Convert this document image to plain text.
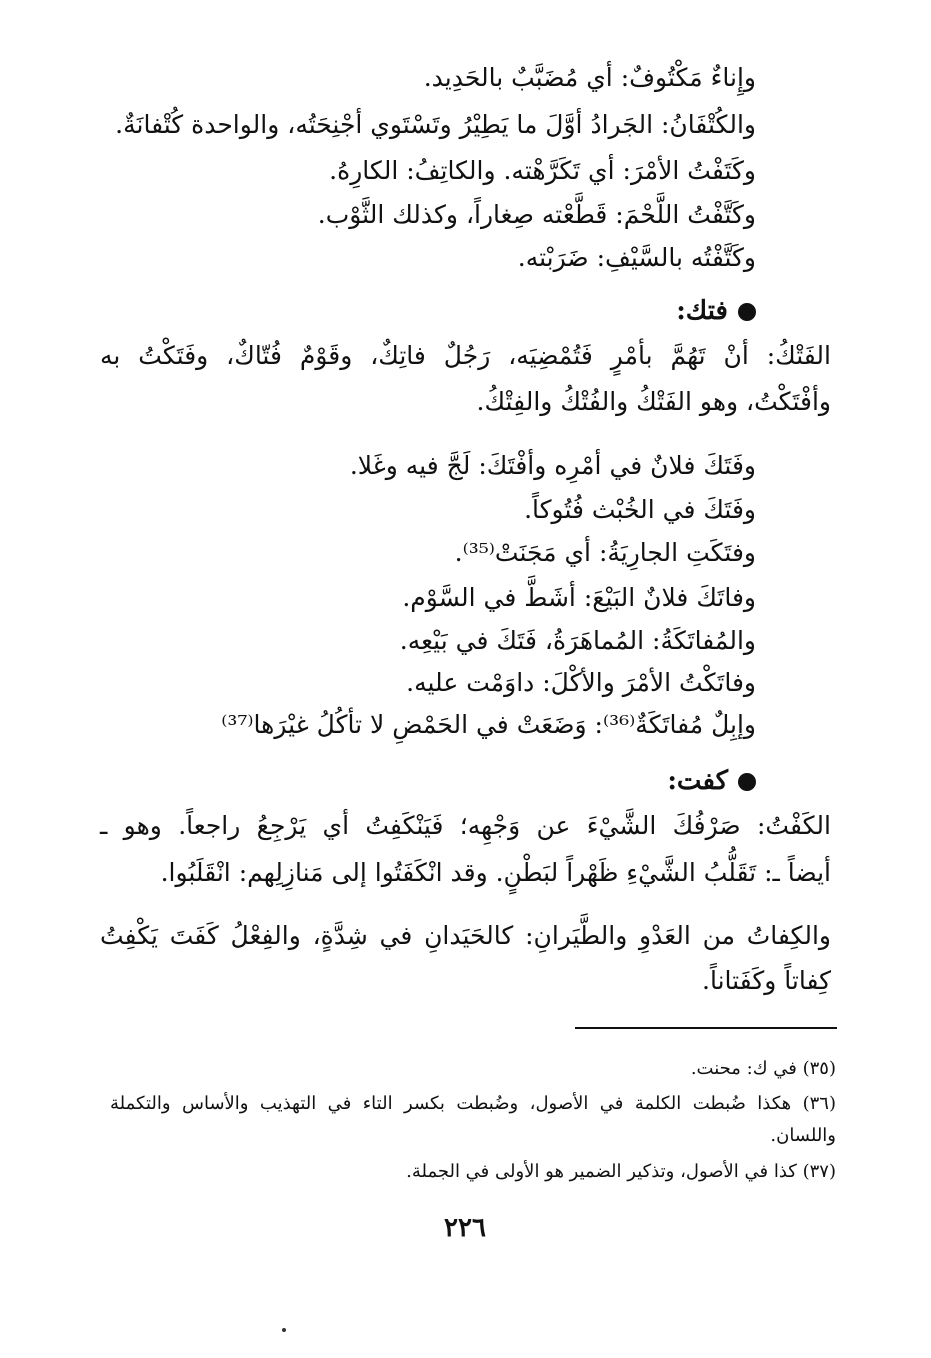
وإِناءٌ مَكْتُوفٌ: أي مُضَبَّبٌ بالحَدِيد.
والكُتْفَانُ: الجَرادُ أوَّلَ ما يَطِيْرُ وتَسْتَوي أجْنِحَتُه، والواحدة كُتْفانَةٌ.
وكَتَفْتُ الأمْرَ: أي تَكَرَّهْته. والكاتِفُ: الكارِهُ.
وكَتَّفْتُ اللَّحْمَ: قَطَّعْته صِغاراً، وكذلك الثَّوْب.
وكَتَّفْتُه بالسَّيْفِ: ضَرَبْته.
فتك:
الفَتْكُ: أنْ تَهُمَّ بأمْرٍ فَتُمْضِيَه، رَجُلٌ فاتِكٌ، وقَوْمٌ فُتّاكٌ، وفَتَكْتُ به
وأفْتَكْتُ، وهو الفَتْكُ والفُتْكُ والفِتْكُ.
وفَتَكَ فلانٌ في أمْرِه وأفْتَكَ: لَجَّ فيه وغَلا.
وفَتَكَ في الخُبْث فُتُوكاً.
وفتَكَتِ الجارِيَةُ: أي مَجَنَتْ⁽³⁵⁾.
وفاتَكَ فلانٌ البَيْعَ: أشَطَّ في السَّوْم.
والمُفاتَكَةُ: المُماهَرَةُ، فَتَكَ في بَيْعِه.
وفاتَكْتُ الأمْرَ والأكْلَ: داوَمْت عليه.
وإبِلٌ مُفاتَكَةٌ⁽³⁶⁾: وَضَعَتْ في الحَمْضِ لا تأكُلُ غيْرَها⁽³⁷⁾
كفت:
الكَفْتُ: صَرْفُكَ الشَّيْءَ عن وَجْهِه؛ فَيَنْكَفِتُ أي يَرْجِعُ راجعاً. وهو ـ
أيضاً ـ: تَقَلُّبُ الشَّيْءِ ظَهْراً لبَطْنٍ. وقد انْكَفَتُوا إلى مَنازِلِهم: انْقَلَبُوا.
والكِفاتُ من العَدْوِ والطَّيَرانِ: كالحَيَدانِ في شِدَّةٍ، والفِعْلُ كَفَتَ يَكْفِتُ
كِفاتاً وكَفَتاناً.
(٣٥) في ك: محنت.
(٣٦) هكذا ضُبطت الكلمة في الأصول، وضُبطت بكسر التاء في التهذيب والأساس والتكملة
واللسان.
(٣٧) كذا في الأصول، وتذكير الضمير هو الأولى في الجملة.
٢٢٦
